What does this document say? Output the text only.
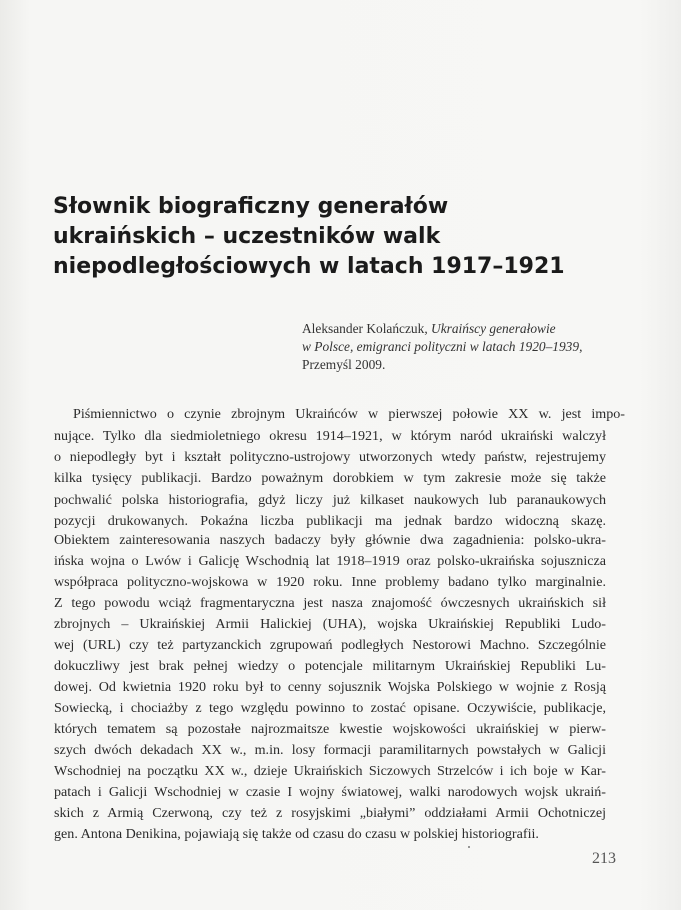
Słownik biograficzny generałów
ukraińskich – uczestników walk
niepodległościowych w latach 1917–1921
Aleksander Kolańczuk, Ukraińscy generałowie
w Polsce, emigranci polityczni w latach 1920–1939,
Przemyśl 2009.
Piśmiennictwo o czynie zbrojnym Ukraińców w pierwszej połowie XX w. jest impo-
nujące. Tylko dla siedmioletniego okresu 1914–1921, w którym naród ukraiński walczył
o niepodległy byt i kształt polityczno-ustrojowy utworzonych wtedy państw, rejestrujemy
kilka tysięcy publikacji. Bardzo poważnym dorobkiem w tym zakresie może się także
pochwalić polska historiografia, gdyż liczy już kilkaset naukowych lub paranaukowych
pozycji drukowanych. Pokaźna liczba publikacji ma jednak bardzo widoczną skazę.
Obiektem zainteresowania naszych badaczy były głównie dwa zagadnienia: polsko-ukra-
ińska wojna o Lwów i Galicję Wschodnią lat 1918–1919 oraz polsko-ukraińska sojusznicza
współpraca polityczno-wojskowa w 1920 roku. Inne problemy badano tylko marginalnie.
Z tego powodu wciąż fragmentaryczna jest nasza znajomość ówczesnych ukraińskich sił
zbrojnych – Ukraińskiej Armii Halickiej (UHA), wojska Ukraińskiej Republiki Ludo-
wej (URL) czy też partyzanckich zgrupowań podległych Nestorowi Machno. Szczególnie
dokuczliwy jest brak pełnej wiedzy o potencjale militarnym Ukraińskiej Republiki Lu-
dowej. Od kwietnia 1920 roku był to cenny sojusznik Wojska Polskiego w wojnie z Rosją
Sowiecką, i chociażby z tego względu powinno to zostać opisane. Oczywiście, publikacje,
których tematem są pozostałe najrozmaitsze kwestie wojskowości ukraińskiej w pierw-
szych dwóch dekadach XX w., m.in. losy formacji paramilitarnych powstałych w Galicji
Wschodniej na początku XX w., dzieje Ukraińskich Siczowych Strzelców i ich boje w Kar-
patach i Galicji Wschodniej w czasie I wojny światowej, walki narodowych wojsk ukraiń-
skich z Armią Czerwoną, czy też z rosyjskimi „białymi” oddziałami Armii Ochotniczej
gen. Antona Denikina, pojawiają się także od czasu do czasu w polskiej historiografii.
213
